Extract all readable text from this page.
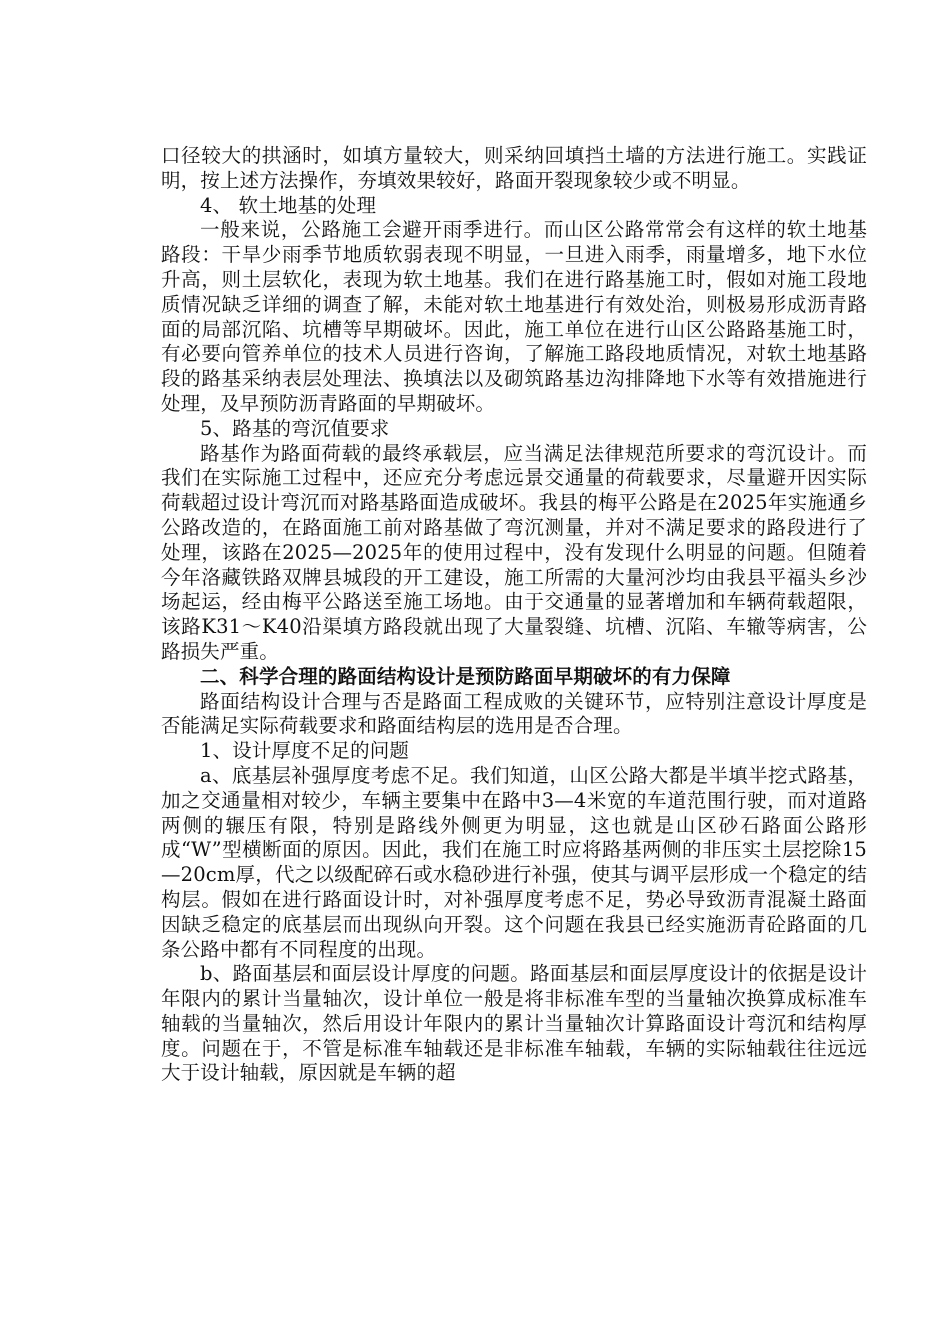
口径较大的拱涵时，如填方量较大，则采纳回填挡土墙的方法进行施工。实践证明，按上述方法操作，夯填效果较好，路面开裂现象较少或不明显。

4、 软土地基的处理

一般来说，公路施工会避开雨季进行。而山区公路常常会有这样的软土地基路段：干旱少雨季节地质软弱表现不明显，一旦进入雨季，雨量增多，地下水位升高，则土层软化，表现为软土地基。我们在进行路基施工时，假如对施工段地质情况缺乏详细的调查了解，未能对软土地基进行有效处治，则极易形成沥青路面的局部沉陷、坑槽等早期破坏。因此，施工单位在进行山区公路路基施工时，有必要向管养单位的技术人员进行咨询，了解施工路段地质情况，对软土地基路段的路基采纳表层处理法、换填法以及砌筑路基边沟排降地下水等有效措施进行处理，及早预防沥青路面的早期破坏。

5、路基的弯沉值要求

路基作为路面荷载的最终承载层，应当满足法律规范所要求的弯沉设计。而我们在实际施工过程中，还应充分考虑远景交通量的荷载要求，尽量避开因实际荷载超过设计弯沉而对路基路面造成破坏。我县的梅平公路是在2025年实施通乡公路改造的，在路面施工前对路基做了弯沉测量，并对不满足要求的路段进行了处理，该路在2025—2025年的使用过程中，没有发现什么明显的问题。但随着今年洛藏铁路双牌县城段的开工建设，施工所需的大量河沙均由我县平福头乡沙场起运，经由梅平公路送至施工场地。由于交通量的显著增加和车辆荷载超限，该路K31～K40沿渠填方路段就出现了大量裂缝、坑槽、沉陷、车辙等病害，公路损失严重。

二、科学合理的路面结构设计是预防路面早期破坏的有力保障

路面结构设计合理与否是路面工程成败的关键环节，应特别注意设计厚度是否能满足实际荷载要求和路面结构层的选用是否合理。

1、设计厚度不足的问题

a、底基层补强厚度考虑不足。我们知道，山区公路大都是半填半挖式路基，加之交通量相对较少，车辆主要集中在路中3—4米宽的车道范围行驶，而对道路两侧的辗压有限，特别是路线外侧更为明显，这也就是山区砂石路面公路形成“W”型横断面的原因。因此，我们在施工时应将路基两侧的非压实土层挖除15—20cm厚，代之以级配碎石或水稳砂进行补强，使其与调平层形成一个稳定的结构层。假如在进行路面设计时，对补强厚度考虑不足，势必导致沥青混凝土路面因缺乏稳定的底基层而出现纵向开裂。这个问题在我县已经实施沥青砼路面的几条公路中都有不同程度的出现。

b、路面基层和面层设计厚度的问题。路面基层和面层厚度设计的依据是设计年限内的累计当量轴次，设计单位一般是将非标准车型的当量轴次换算成标准车轴载的当量轴次，然后用设计年限内的累计当量轴次计算路面设计弯沉和结构厚度。问题在于，不管是标准车轴载还是非标准车轴载，车辆的实际轴载往往远远大于设计轴载，原因就是车辆的超
